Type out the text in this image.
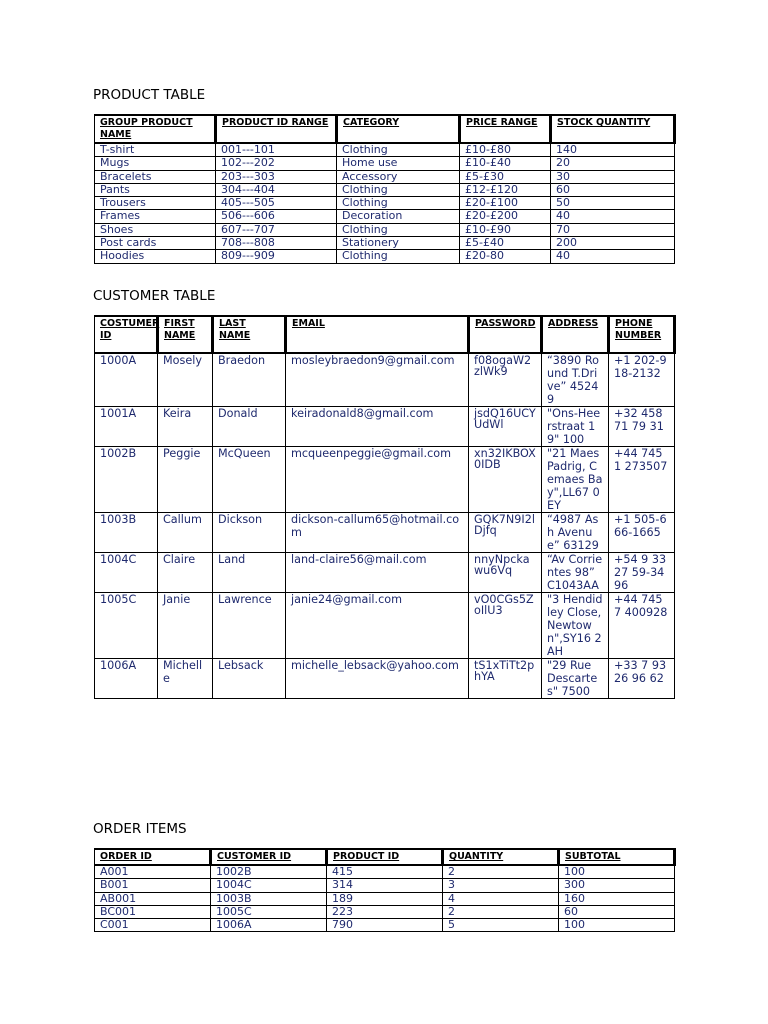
PRODUCT TABLE
GROUP PRODUCT NAME	PRODUCT ID RANGE	CATEGORY	PRICE RANGE	STOCK QUANTITY
T-shirt	001---101	Clothing	£10-£80	140
Mugs	102---202	Home use	£10-£40	20
Bracelets	203---303	Accessory	£5-£30	30
Pants	304---404	Clothing	£12-£120	60
Trousers	405---505	Clothing	£20-£100	50
Frames	506---606	Decoration	£20-£200	40
Shoes	607---707	Clothing	£10-£90	70
Post cards	708---808	Stationery	£5-£40	200
Hoodies	809---909	Clothing	£20-80	40
CUSTOMER TABLE
COSTUMER ID	FIRST NAME	LAST NAME	EMAIL	PASSWORD	ADDRESS	PHONE NUMBER
1000A	Mosely	Braedon	mosleybraedon9@gmail.com	f08ogaW2zlWk9	“3890 Round T.Drive” 45249	+1 202-918-2132
1001A	Keira	Donald	keiradonald8@gmail.com	jsdQ16UCYUdWl	"Ons-Heerstraat 19" 100	+32 458 71 79 31
1002B	Peggie	McQueen	mcqueenpeggie@gmail.com	xn32IKBOX0IDB	"21 Maes Padrig, Cemaes Bay",LL67 0EY	+44 7451 273507
1003B	Callum	Dickson	dickson-callum65@hotmail.com	GQK7N9I2lDjfq	“4987 Ash Avenue” 63129	+1 505-666-1665
1004C	Claire	Land	land-claire56@mail.com	nnyNpckawu6Vq	“Av Corrientes 98” C1043AA	+54 9 3327 59-3496
1005C	Janie	Lawrence	janie24@gmail.com	vO0CGs5ZoIlU3	"3 Hendidley Close, Newtown",SY16 2AH	+44 7457 400928
1006A	Michelle	Lebsack	michelle_lebsack@yahoo.com	tS1xTiTt2phYA	"29 Rue Descartes" 7500	+33 7 93 26 96 62
ORDER ITEMS
ORDER ID	CUSTOMER ID	PRODUCT ID	QUANTITY	SUBTOTAL
A001	1002B	415	2	100
B001	1004C	314	3	300
AB001	1003B	189	4	160
BC001	1005C	223	2	60
C001	1006A	790	5	100
